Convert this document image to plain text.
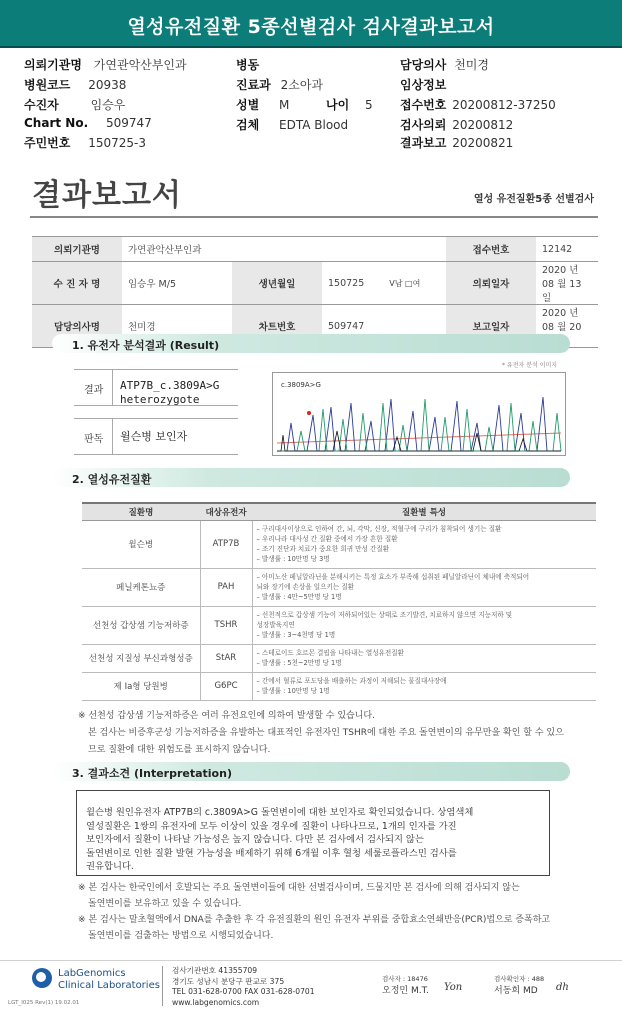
열성유전질환 5종선별검사 검사결과보고서
의뢰기관명 가연관악산부인과	병동	담당의사 천미경
병원코드 20938	진료과 2소아과	임상정보
수진자	임승우	성별 M	나이 5 접수번호 20200812-37250
Chart No. 509747	검체 EDTA Blood	검사의뢰 20200812
주민번호 150725-3	결과보고 20200821
결과보고서	열성 유전질환5종 선별검사
의뢰기관명	가연관악산부인과			접수번호	12142
수 진 자 명	임승우 M/5	생년월일	150725 V남 □여	의뢰일자	2020 년 08 월 13 일
담당의사명	천미경	차트번호	509747	보고일자	2020 년 08 월 20
1. 유전자 분석결과 (Result)
* 유전자 분석 이미지
결과 ATP7B_c.3809A>G
heterozygote
판독 윌슨병 보인자
c.3809A>G
2. 열성유전질환
질환명	대상유전자	질환별 특성
윌슨병	ATP7B	– 구리대사이상으로 인하여 간, 뇌, 각막, 신장, 적혈구에 구리가 침착되어 생기는 질환
– 우리나라 대사성 간 질환 중에서 가장 흔한 질환
– 조기 진단과 치료가 중요한 희귀 만성 간질환
– 발생률 : 10만명 당 3명

페닐케톤뇨증	PAH	– 아미노산 페닐알라닌을 분해시키는 특정 효소가 부족해 섭취된 페닐알라닌이 체내에 축적되어
뇌와 장기에 손상을 일으키는 질환
– 발생률 : 4만~5만명 당 1명

선천성 갑상샘 기능저하증	TSHR	– 선천적으로 갑상샘 기능이 저하되어있는 상태로 조기발견, 치료하지 않으면 지능저하 및
성장발육지연
– 발생률 : 3~4천명 당 1명

선천성 지질성 부신과형성증	StAR	– 스테로이드 호르몬 결핍을 나타내는 열성유전질환
– 발생률 : 5천~2만명 당 1명

제 Ia형 당원병	G6PC	– 간에서 혈류로 포도당을 배출하는 과정이 저해되는 물질대사장애
– 발생률 : 10만명 당 1명
※ 선천성 갑상샘 기능저하증은 여러 유전요인에 의하여 발생할 수 있습니다.
본 검사는 비증후군성 기능저하증을 유발하는 대표적인 유전자인 TSHR에 대한 주요 돌연변이의 유무만을 확인 할 수 있으
므로 질환에 대한 위험도를 표시하지 않습니다.
3. 결과소견 (Interpretation)
윌슨병 원인유전자 ATP7B의 c.3809A>G 돌연변이에 대한 보인자로 확인되었습니다. 상염색체
열성질환은 1쌍의 유전자에 모두 이상이 있을 경우에 질환이 나타나므로, 1개의 인자를 가진
보인자에서 질환이 나타날 가능성은 높지 않습니다. 다만 본 검사에서 검사되지 않는
돌연변이로 인한 질환 발현 가능성을 배제하기 위해 6개월 이후 혈청 세룰로플라스민 검사를
권유합니다.
※ 본 검사는 한국인에서 호발되는 주요 돌연변이들에 대한 선별검사이며, 드물지만 본 검사에 의해 검사되지 않는
돌연변이를 보유하고 있을 수 있습니다.
※ 본 검사는 말초혈액에서 DNA를 추출한 후 각 유전질환의 원인 유전자 부위를 중합효소연쇄반응(PCR)법으로 증폭하고
돌연변이를 검출하는 방법으로 시행되었습니다.
LabGenomics
Clinical Laboratories
LGT_I025 Rev(1) 19.02.01
검사기관번호 41355709
경기도 성남시 분당구 판교로 375
TEL 031-628-0700 FAX 031-628-0701
www.labgenomics.com
검사자 : 18476
오정민 M.T. Yon
검사확인자 : 488
서동희 MD dh
